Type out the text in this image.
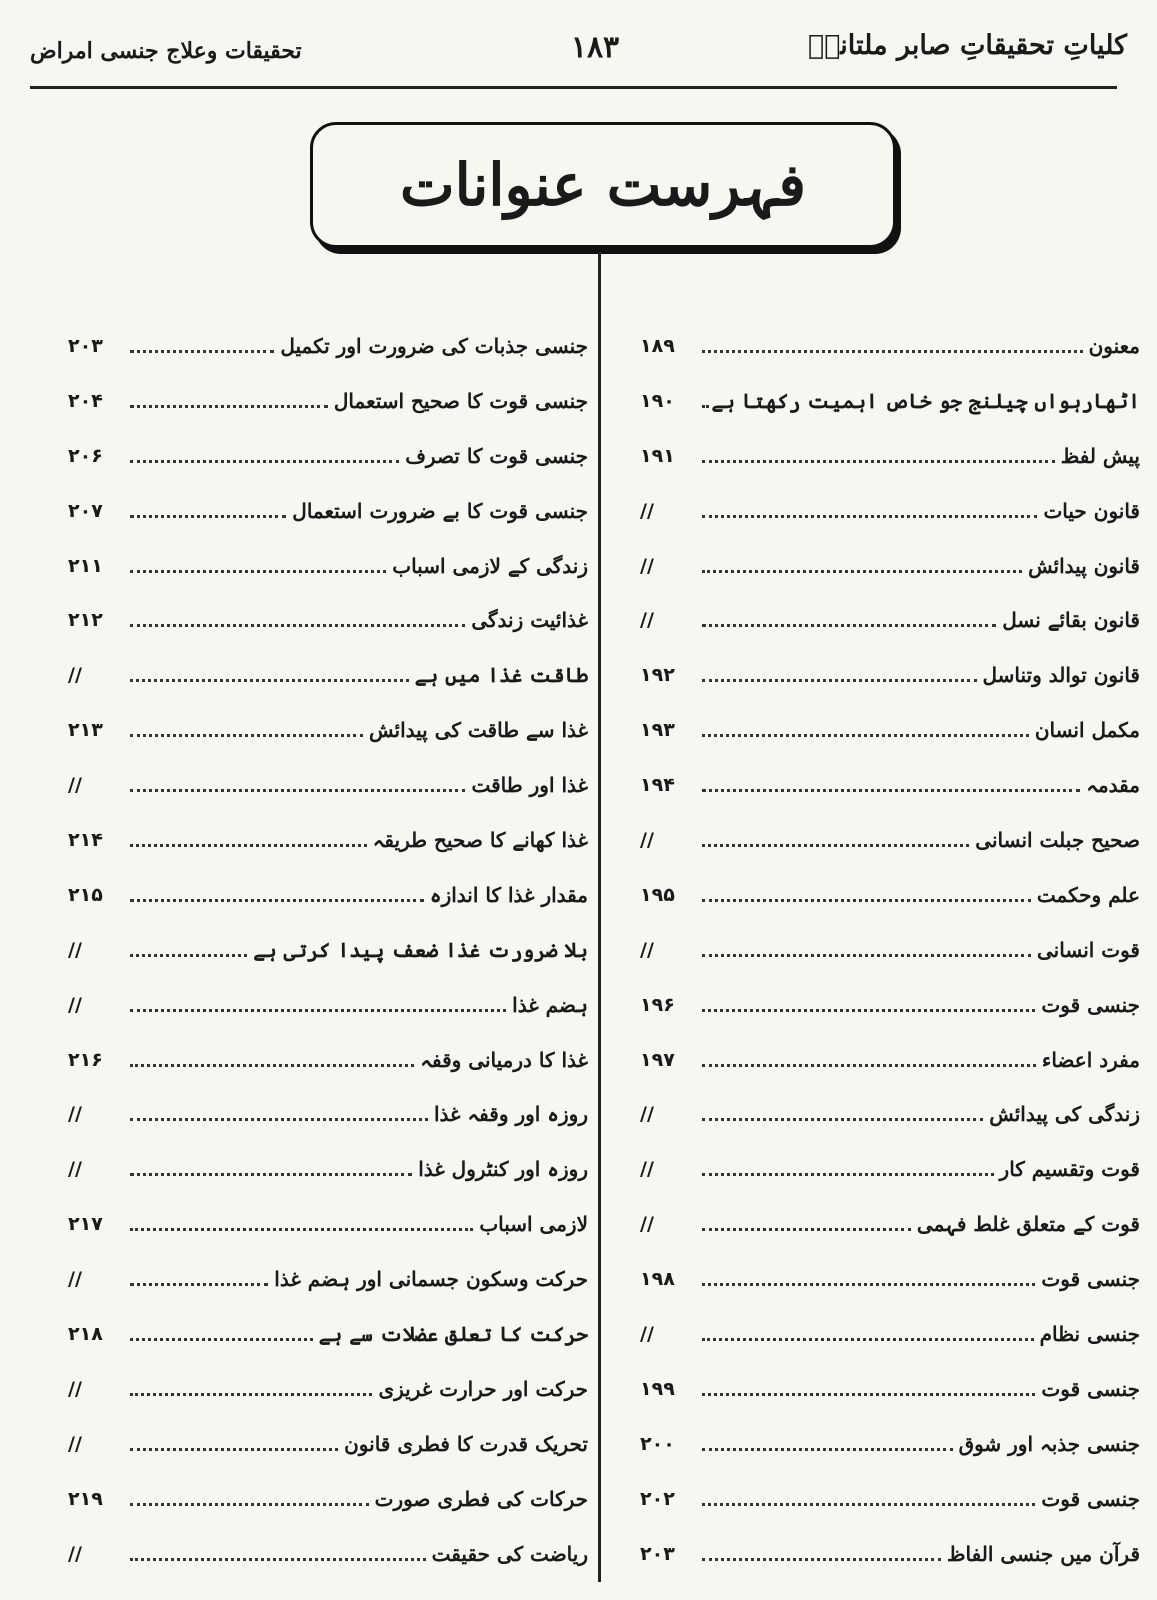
کلیاتِ تحقیقاتِ صابر ملتانیؒ
۱۸۳
تحقیقات وعلاج جنسی امراض
فہرست عنوانات
معنون
۱۸۹
اٹھارہواں چیلنج جو خاص اہمیت رکھتا ہے
۱۹۰
پیش لفظ
۱۹۱
قانون حیات
//
قانون پیدائش
//
قانون بقائے نسل
//
قانون توالد وتناسل
۱۹۲
مکمل انسان
۱۹۳
مقدمہ
۱۹۴
صحیح جبلت انسانی
//
علم وحکمت
۱۹۵
قوت انسانی
//
جنسی قوت
۱۹۶
مفرد اعضاء
۱۹۷
زندگی کی پیدائش
//
قوت وتقسیم کار
//
قوت کے متعلق غلط فہمی
//
جنسی قوت
۱۹۸
جنسی نظام
//
جنسی قوت
۱۹۹
جنسی جذبہ اور شوق
۲۰۰
جنسی قوت
۲۰۲
قرآن میں جنسی الفاظ
۲۰۳
جنسی جذبات کی ضرورت اور تکمیل
۲۰۳
جنسی قوت کا صحیح استعمال
۲۰۴
جنسی قوت کا تصرف
۲۰۶
جنسی قوت کا بے ضرورت استعمال
۲۰۷
زندگی کے لازمی اسباب
۲۱۱
غذائیت زندگی
۲۱۲
طاقت غذا میں ہے
//
غذا سے طاقت کی پیدائش
۲۱۳
غذا اور طاقت
//
غذا کھانے کا صحیح طریقہ
۲۱۴
مقدار غذا کا اندازہ
۲۱۵
بلا ضرورت غذا ضعف پیدا کرتی ہے
//
ہضم غذا
//
غذا کا درمیانی وقفہ
۲۱۶
روزہ اور وقفہ غذا
//
روزہ اور کنٹرول غذا
//
لازمی اسباب
۲۱۷
حرکت وسکون جسمانی اور ہضم غذا
//
حرکت کا تعلق عضلات سے ہے
۲۱۸
حرکت اور حرارت غریزی
//
تحریک قدرت کا فطری قانون
//
حرکات کی فطری صورت
۲۱۹
ریاضت کی حقیقت
//
